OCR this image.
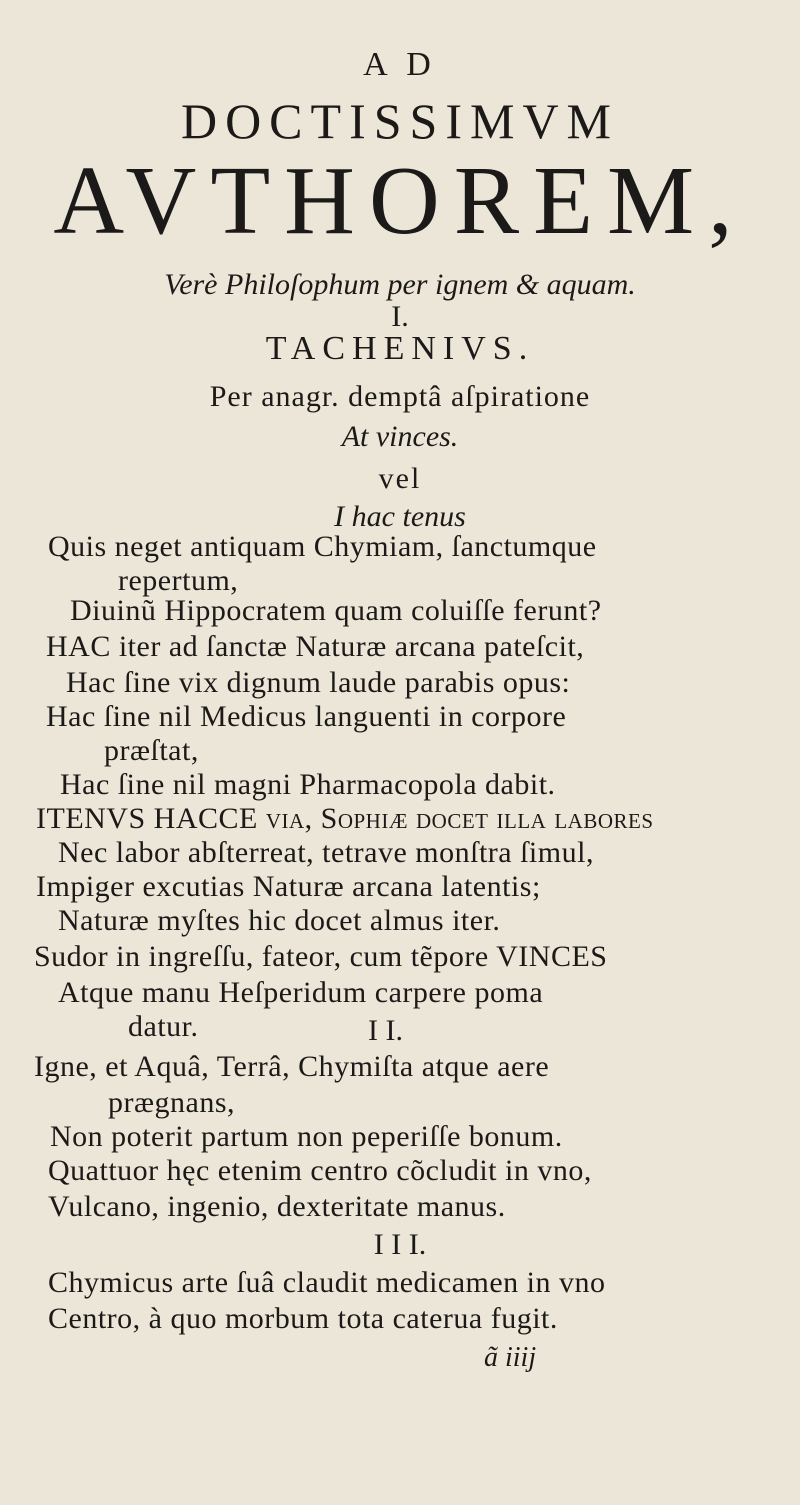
A D
DOCTISSIMVM
AVTHOREM,
Verè Philoſophum per ignem & aquam.
I.
TACHENIVS.
Per anagr. demptâ aſpiratione
At vinces.
vel
I hac tenus
Quis neget antiquam Chymiam, ſanctumque
repertum,
Diuinũ Hippocratem quam coluiſſe ferunt?
HAC iter ad ſanctæ Naturæ arcana pateſcit,
Hac ſine vix dignum laude parabis opus:
Hac ſine nil Medicus languenti in corpore
præſtat,
Hac ſine nil magni Pharmacopola dabit.
ITENVS HACCE via, Sophiæ docet illa labores
Nec labor abſterreat, tetrave monſtra ſimul,
Impiger excutias Naturæ arcana latentis;
Naturæ myſtes hic docet almus iter.
Sudor in ingreſſu, fateor, cum tẽpore VINCES
Atque manu Heſperidum carpere poma
datur.	I I.
Igne, et Aquâ, Terrâ, Chymiſta atque aere
prægnans,
Non poterit partum non peperiſſe bonum.
Quattuor hęc etenim centro cõcludit in vno,
Vulcano, ingenio, dexteritate manus.
I I I.
Chymicus arte ſuâ claudit medicamen in vno
Centro, à quo morbum tota caterua fugit.
ã iiij
